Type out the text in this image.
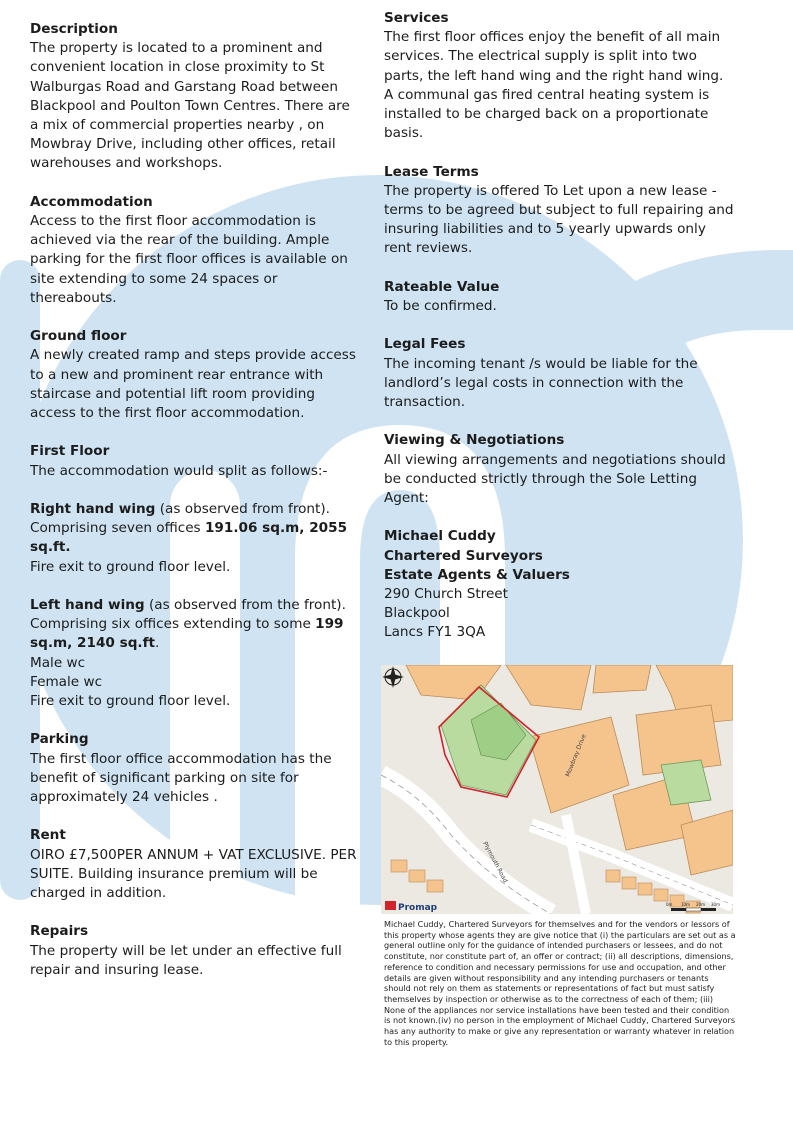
Description
The property is located to a prominent and convenient location in close proximity to St Walburgas Road and Garstang Road between Blackpool and Poulton Town Centres. There are a mix of commercial properties nearby , on Mowbray Drive, including other offices, retail warehouses and workshops.
Accommodation
Access to the first floor accommodation is achieved via the rear of the building. Ample parking for the first floor offices is available on site extending to some 24 spaces or thereabouts.
Ground floor
A newly created ramp and steps provide access to a new and prominent rear entrance with staircase and potential lift room providing access to the first floor accommodation.
First Floor
The accommodation would split as follows:-
Right hand wing (as observed from front).
Comprising seven offices 191.06 sq.m, 2055 sq.ft.
Fire exit to ground floor level.
Left hand wing (as observed from the front).
Comprising six offices extending to some 199 sq.m, 2140 sq.ft.
Male wc
Female wc
Fire exit to ground floor level.
Parking
The first floor office accommodation has the benefit of significant parking on site for approximately 24 vehicles .
Rent
OIRO £7,500PER ANNUM + VAT EXCLUSIVE. PER SUITE. Building insurance premium will be charged in addition.
Repairs
The property will be let under an effective full repair and insuring lease.
Services
The first floor offices enjoy the benefit of all main services. The electrical supply is split into two parts, the left hand wing and the right hand wing.
A communal gas fired central heating system is installed to be charged back on a proportionate basis.
Lease Terms
The property is offered To Let upon a new lease - terms to be agreed but subject to full repairing and insuring liabilities and to 5 yearly upwards only rent reviews.
Rateable Value
To be confirmed.
Legal Fees
The incoming tenant /s would be liable for the landlord’s legal costs in connection with the transaction.
Viewing & Negotiations
All viewing arrangements and negotiations should be conducted strictly through the Sole Letting Agent:
Michael Cuddy
Chartered Surveyors
Estate Agents & Valuers
290 Church Street
Blackpool
Lancs FY1 3QA
Plymouth Road
Mowbray Drive
Promap	0m 10m 20m 30m
Michael Cuddy, Chartered Surveyors for themselves and for the vendors or lessors of this property whose agents they are give notice that (i) the particulars are set out as a general outline only for the guidance of intended purchasers or lessees, and do not constitute, nor constitute part of, an offer or contract; (ii) all descriptions, dimensions, reference to condition and necessary permissions for use and occupation, and other details are given without responsibility and any intending purchasers or tenants should not rely on them as statements or representations of fact but must satisfy themselves by inspection or otherwise as to the correctness of each of them; (iii) None of the appliances nor service installations have been tested and their condition is not known.(iv) no person in the employment of Michael Cuddy, Chartered Surveyors has any authority to make or give any representation or warranty whatever in relation to this property.
